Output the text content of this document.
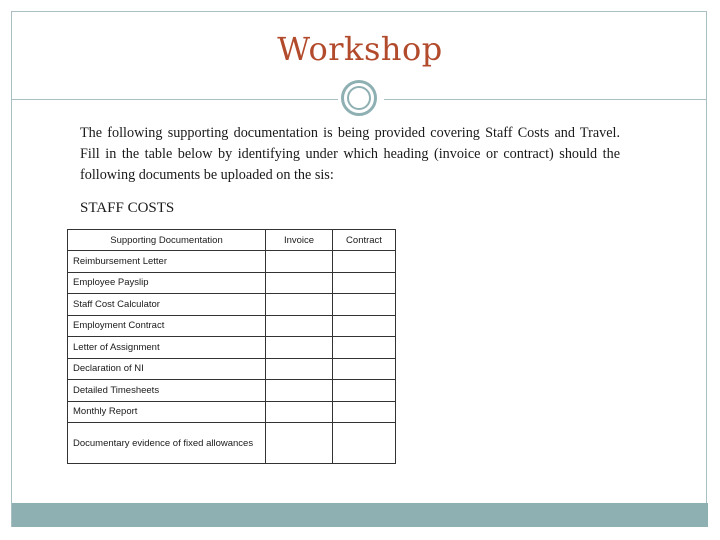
Workshop
The following supporting documentation is being provided covering Staff Costs and Travel. Fill in the table below by identifying under which heading (invoice or contract) should the following documents be uploaded on the sis:
STAFF COSTS
Supporting Documentation	Invoice	Contract
Reimbursement Letter		
Employee Payslip		
Staff Cost Calculator		
Employment Contract		
Letter of Assignment		
Declaration of NI		
Detailed Timesheets		
Monthly Report		

Documentary evidence of fixed allowances		
